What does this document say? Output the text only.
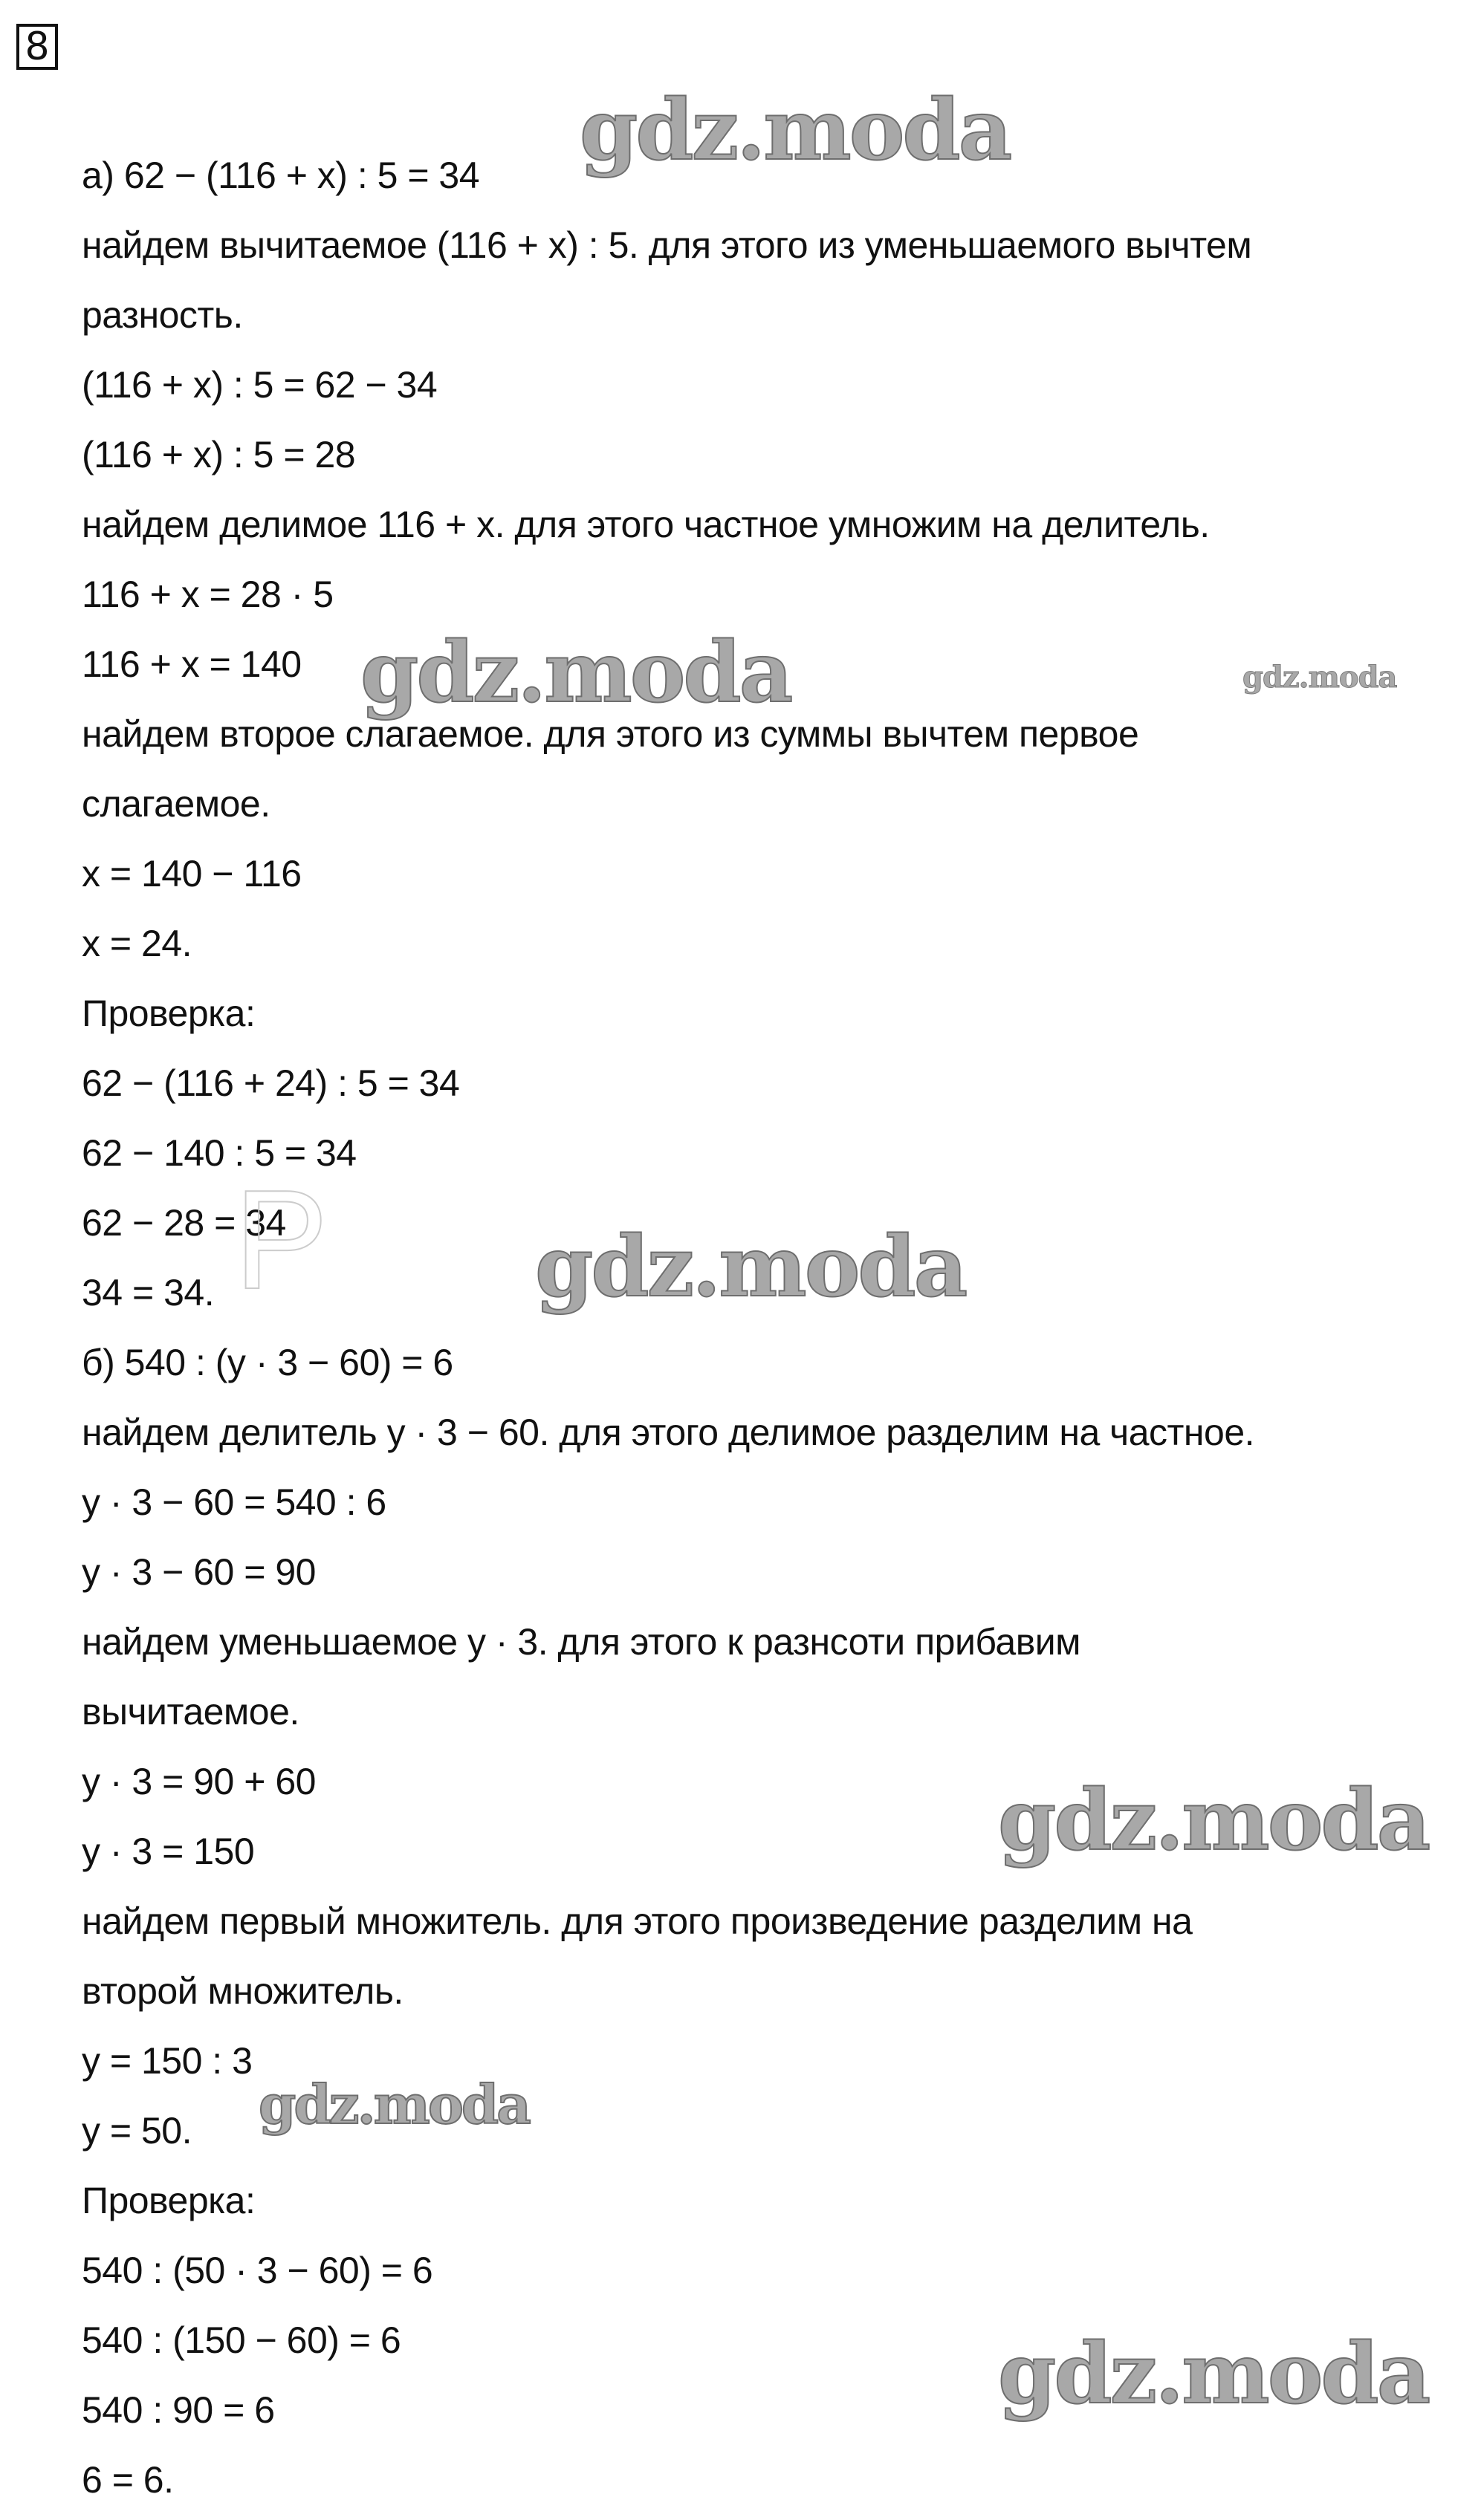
8
а) 62 − (116 + x) : 5 = 34
найдем вычитаемое (116 + x) : 5. для этого из уменьшаемого вычтем
разность.
(116 + x) : 5 = 62 − 34
(116 + x) : 5 = 28
найдем делимое 116 + x. для этого частное умножим на делитель.
116 + x = 28 · 5
116 + x = 140
найдем второе слагаемое. для этого из суммы вычтем первое
слагаемое.
x = 140 − 116
x = 24.
Проверка:
62 − (116 + 24) : 5 = 34
62 − 140 : 5 = 34
62 − 28 = 34
34 = 34.
б) 540 : (y · 3 − 60) = 6
найдем делитель y · 3 − 60. для этого делимое разделим на частное.
y · 3 − 60 = 540 : 6
y · 3 − 60 = 90
найдем уменьшаемое y · 3. для этого к разнсоти прибавим
вычитаемое.
y · 3 = 90 + 60
y · 3 = 150
найдем первый множитель. для этого произведение разделим на
второй множитель.
y = 150 : 3
y = 50.
Проверка:
540 : (50 · 3 − 60) = 6
540 : (150 − 60) = 6
540 : 90 = 6
6 = 6.
P
gdz.moda
gdz.moda	gdz.moda
gdz.moda
gdz.moda
gdz.moda
gdz.moda
